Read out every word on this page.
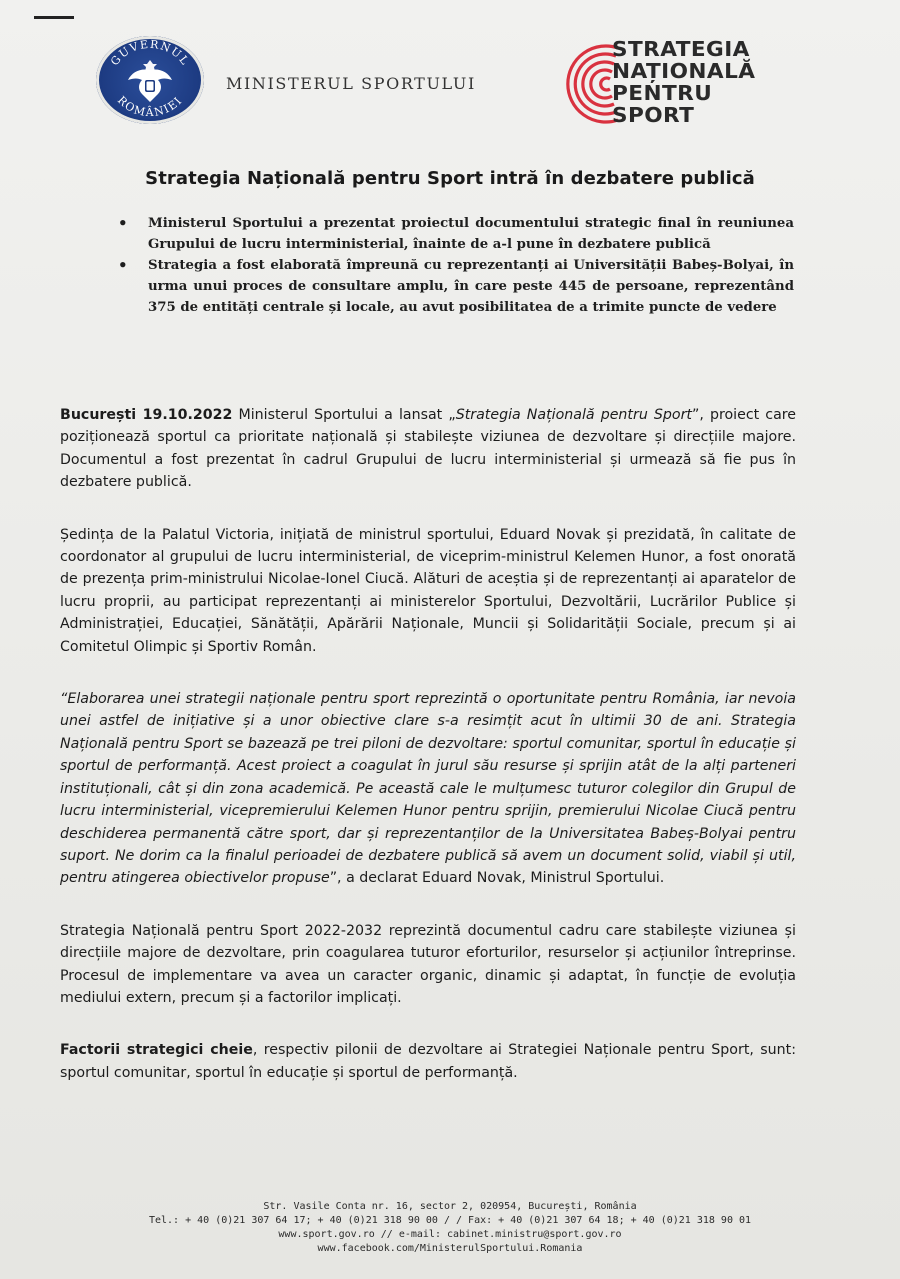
GUVERNUL
ROMÂNIEI
MINISTERUL SPORTULUI
STRATEGIA
NAȚIONALĂ
PENTRU
SPORT
Strategia Națională pentru Sport intră în dezbatere publică
• Ministerul Sportului a prezentat proiectul documentului strategic final în reuniunea Grupului de lucru interministerial, înainte de a-l pune în dezbatere publică
• Strategia a fost elaborată împreună cu reprezentanți ai Universității Babeș-Bolyai, în urma unui proces de consultare amplu, în care peste 445 de persoane, reprezentând 375 de entități centrale și locale, au avut posibilitatea de a trimite puncte de vedere

București 19.10.2022 Ministerul Sportului a lansat „Strategia Națională pentru Sport”, proiect care poziționează sportul ca prioritate națională și stabilește viziunea de dezvoltare și direcțiile majore. Documentul a fost prezentat în cadrul Grupului de lucru interministerial și urmează să fie pus în dezbatere publică.

Ședința de la Palatul Victoria, inițiată de ministrul sportului, Eduard Novak și prezidată, în calitate de coordonator al grupului de lucru interministerial, de viceprim-ministrul Kelemen Hunor, a fost onorată de prezența prim-ministrului Nicolae-Ionel Ciucă. Alături de aceștia și de reprezentanți ai aparatelor de lucru proprii, au participat reprezentanți ai ministerelor Sportului, Dezvoltării, Lucrărilor Publice și Administrației, Educației, Sănătății, Apărării Naționale, Muncii și Solidarității Sociale, precum și ai Comitetul Olimpic și Sportiv Român.

“Elaborarea unei strategii naționale pentru sport reprezintă o oportunitate pentru România, iar nevoia unei astfel de inițiative și a unor obiective clare s-a resimțit acut în ultimii 30 de ani. Strategia Națională pentru Sport se bazează pe trei piloni de dezvoltare: sportul comunitar, sportul în educație și sportul de performanță. Acest proiect a coagulat în jurul său resurse și sprijin atât de la alți parteneri instituționali, cât și din zona academică. Pe această cale le mulțumesc tuturor colegilor din Grupul de lucru interministerial, vicepremierului Kelemen Hunor pentru sprijin, premierului Nicolae Ciucă pentru deschiderea permanentă către sport, dar și reprezentanților de la Universitatea Babeș-Bolyai pentru suport. Ne dorim ca la finalul perioadei de dezbatere publică să avem un document solid, viabil și util, pentru atingerea obiectivelor propuse”, a declarat Eduard Novak, Ministrul Sportului.

Strategia Națională pentru Sport 2022-2032 reprezintă documentul cadru care stabilește viziunea și direcțiile majore de dezvoltare, prin coagularea tuturor eforturilor, resurselor și acțiunilor întreprinse. Procesul de implementare va avea un caracter organic, dinamic și adaptat, în funcție de evoluția mediului extern, precum și a factorilor implicați.

Factorii strategici cheie, respectiv pilonii de dezvoltare ai Strategiei Naționale pentru Sport, sunt: sportul comunitar, sportul în educație și sportul de performanță.

Str. Vasile Conta nr. 16, sector 2, 020954, București, România
Tel.: + 40 (0)21 307 64 17; + 40 (0)21 318 90 00 / / Fax: + 40 (0)21 307 64 18; + 40 (0)21 318 90 01
www.sport.gov.ro // e-mail: cabinet.ministru@sport.gov.ro
www.facebook.com/MinisterulSportului.Romania
